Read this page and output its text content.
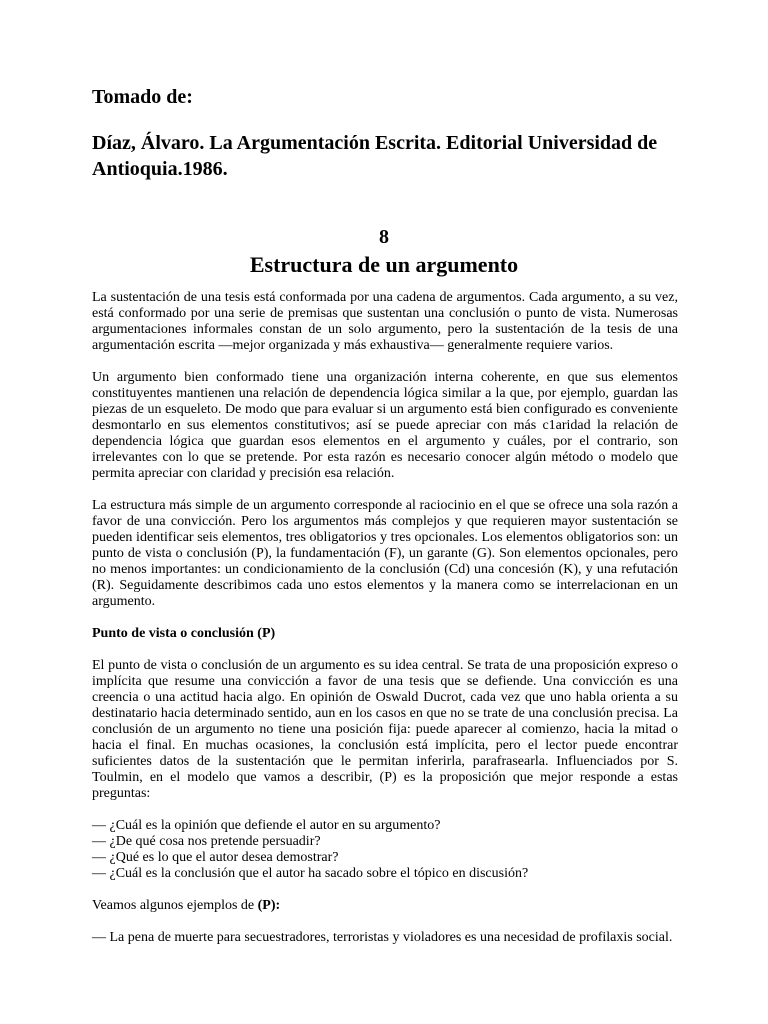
Tomado de:

Díaz, Álvaro. La Argumentación Escrita. Editorial Universidad de Antioquia.1986.

8

Estructura de un argumento

La sustentación de una tesis está conformada por una cadena de argumentos. Cada argumento, a su vez, está conformado por una serie de premisas que sustentan una conclusión o punto de vista. Numerosas argumentaciones informales constan de un solo argumento, pero la sustentación de la tesis de una argumentación escrita —mejor organizada y más exhaustiva— generalmente requiere varios.

Un argumento bien conformado tiene una organización interna coherente, en que sus elementos constituyentes mantienen una relación de dependencia lógica similar a la que, por ejemplo, guardan las piezas de un esqueleto. De modo que para evaluar si un argumento está bien configurado es conveniente desmontarlo en sus elementos constitutivos; así se puede apreciar con más c1aridad la relación de dependencia lógica que guardan esos elementos en el argumento y cuáles, por el contrario, son irrelevantes con lo que se pretende. Por esta razón es necesario conocer algún método o modelo que permita apreciar con claridad y precisión esa relación.

La estructura más simple de un argumento corresponde al raciocinio en el que se ofrece una sola razón a favor de una convicción. Pero los argumentos más complejos y que requieren mayor sustentación se pueden identificar seis elementos, tres obligatorios y tres opcionales. Los elementos obligatorios son: un punto de vista o conclusión (P), la fundamentación (F), un garante (G). Son elementos opcionales, pero no menos importantes: un condicionamiento de la conclusión (Cd) una concesión (K), y una refutación (R). Seguidamente describimos cada uno estos elementos y la manera como se interrelacionan en un argumento.

Punto de vista o conclusión (P)

El punto de vista o conclusión de un argumento es su idea central. Se trata de una proposición expreso o implícita que resume una convicción a favor de una tesis que se defiende. Una convicción es una creencia o una actitud hacia algo. En opinión de Oswald Ducrot, cada vez que uno habla orienta a su destinatario hacia determinado sentido, aun en los casos en que no se trate de una conclusión precisa. La conclusión de un argumento no tiene una posición fija: puede aparecer al comienzo, hacia la mitad o hacia el final. En muchas ocasiones, la conclusión está implícita, pero el lector puede encontrar suficientes datos de la sustentación que le permitan inferirla, parafrasearla. Influenciados por S. Toulmin, en el modelo que vamos a describir, (P) es la proposición que mejor responde a estas preguntas:

— ¿Cuál es la opinión que defiende el autor en su argumento?
— ¿De qué cosa nos pretende persuadir?
— ¿Qué es lo que el autor desea demostrar?
— ¿Cuál es la conclusión que el autor ha sacado sobre el tópico en discusión?

Veamos algunos ejemplos de (P):

— La pena de muerte para secuestradores, terroristas y violadores es una necesidad de profilaxis social.
